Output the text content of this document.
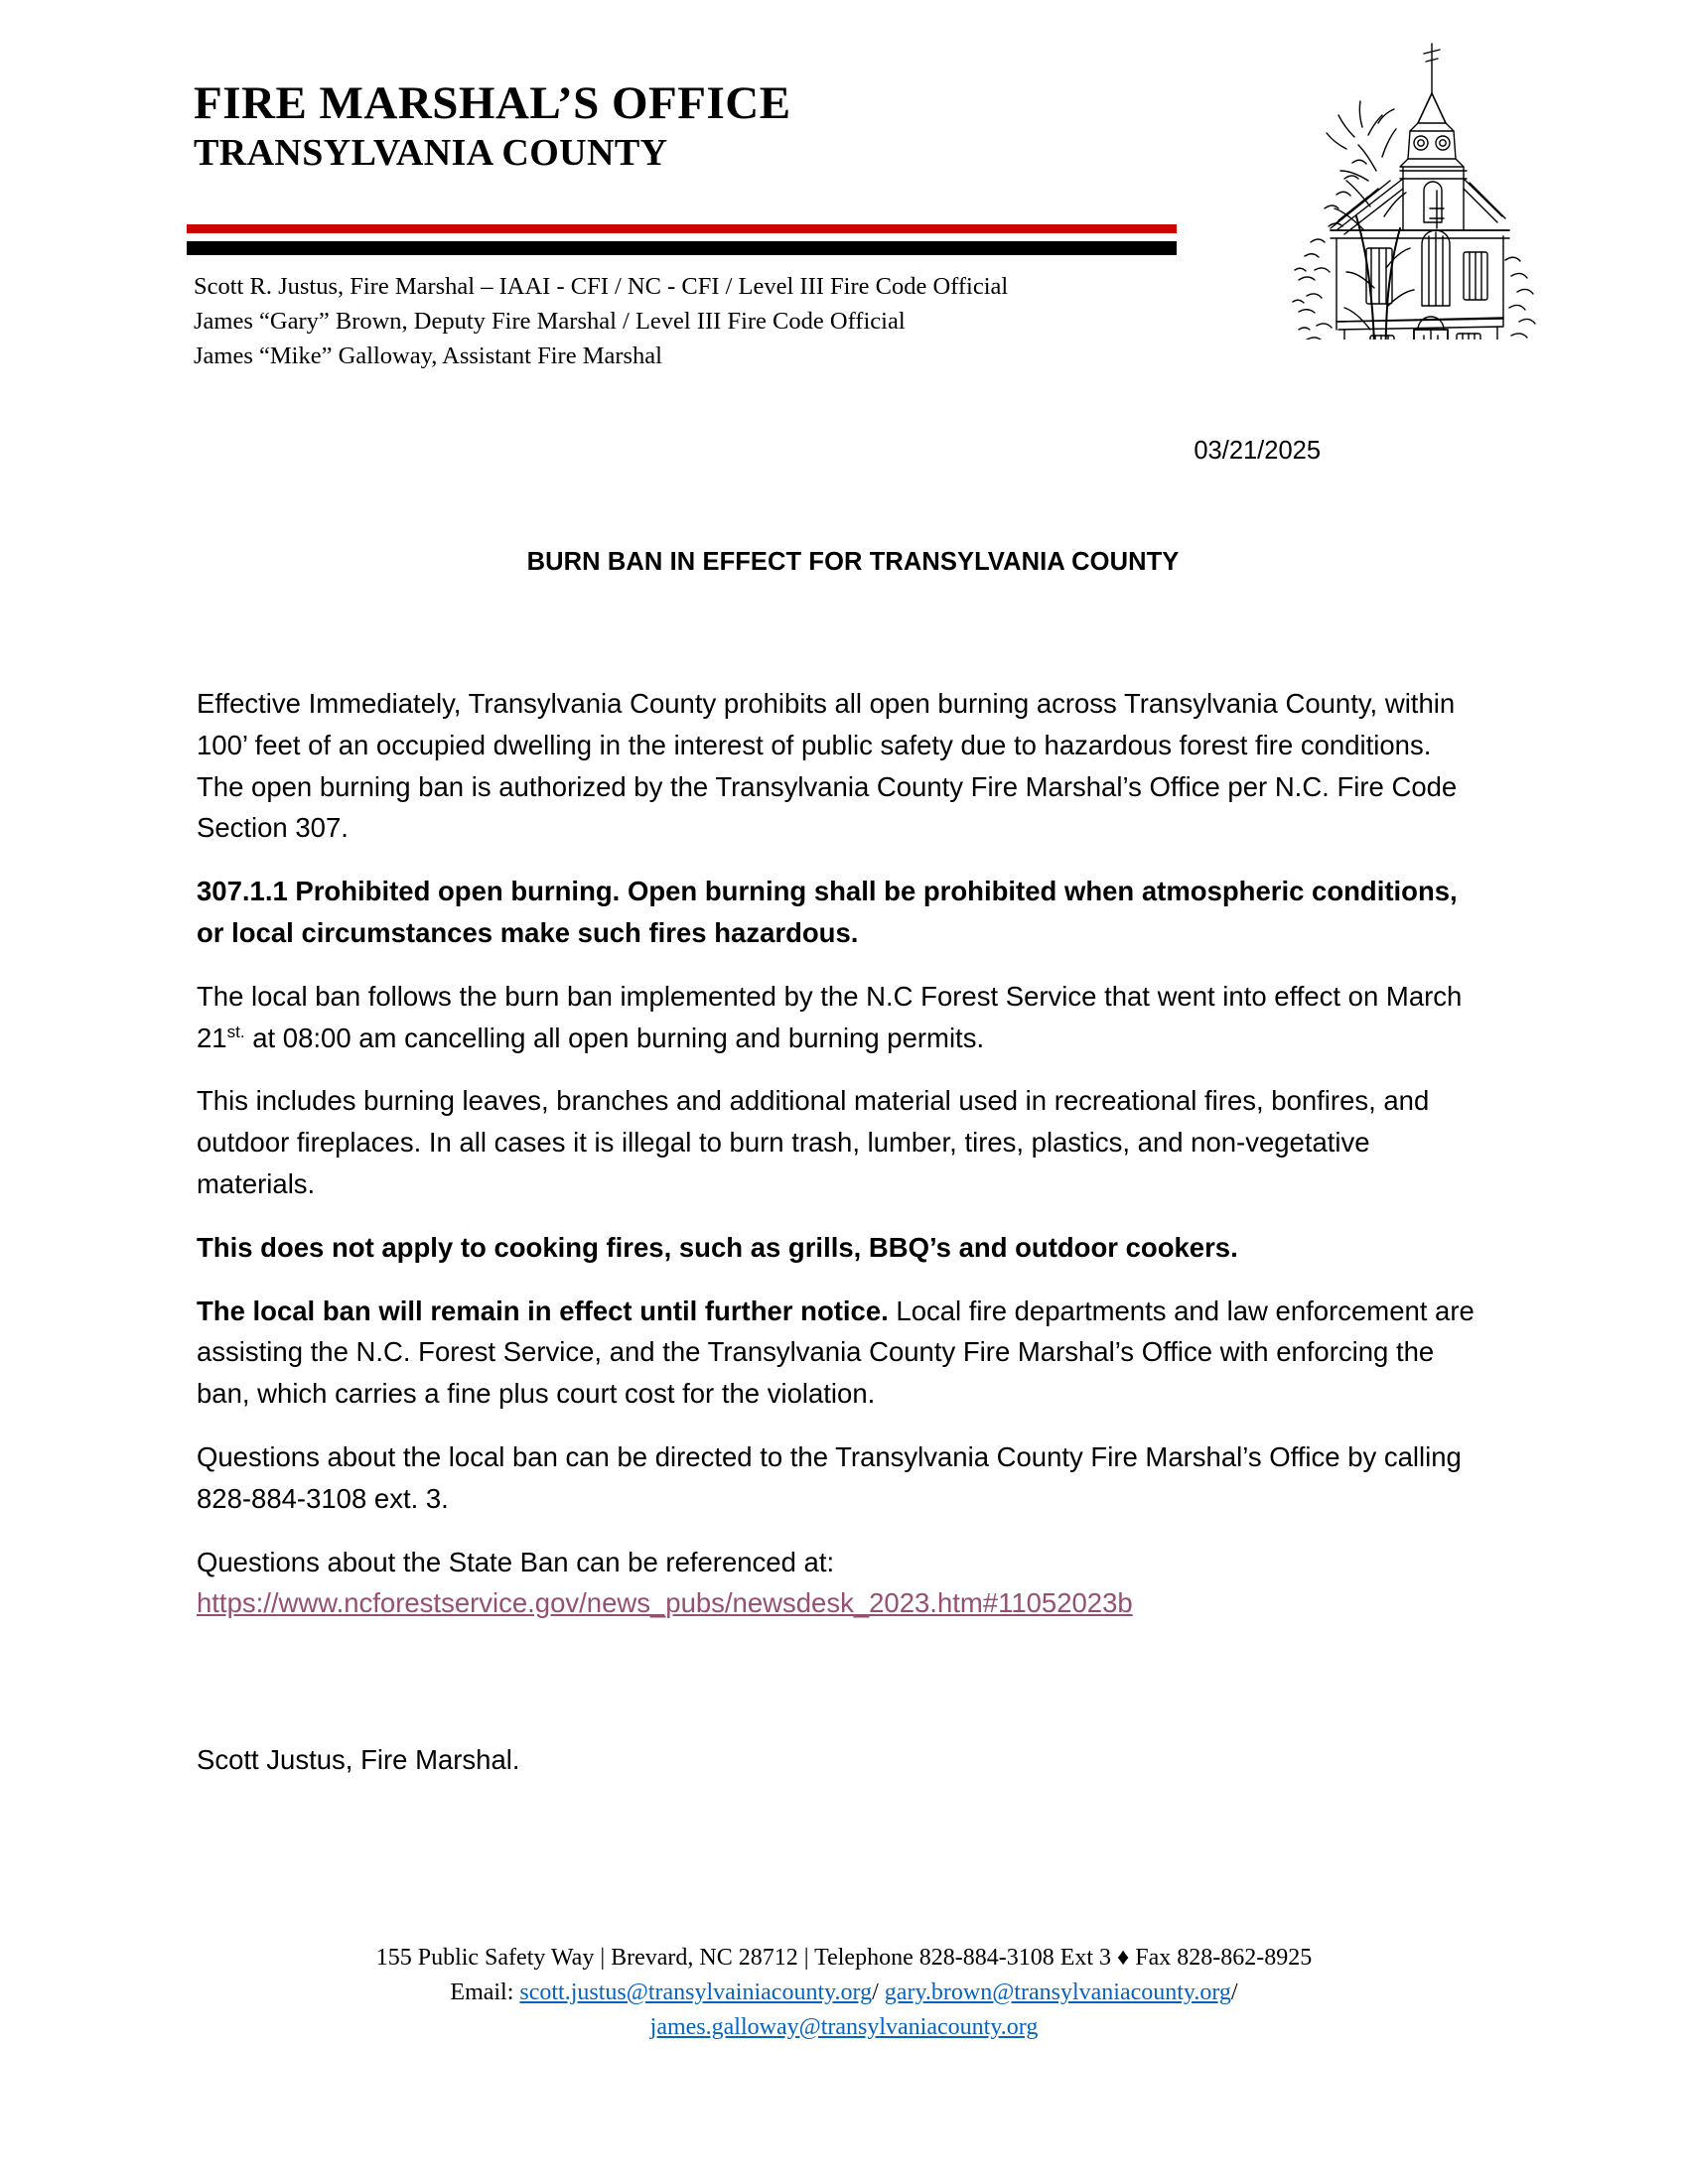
FIRE MARSHAL’S OFFICE
TRANSYLVANIA COUNTY
Scott R. Justus, Fire Marshal – IAAI - CFI / NC - CFI / Level III Fire Code Official
James “Gary” Brown, Deputy Fire Marshal / Level III Fire Code Official
James “Mike” Galloway, Assistant Fire Marshal
03/21/2025
BURN BAN IN EFFECT FOR TRANSYLVANIA COUNTY

Effective Immediately, Transylvania County prohibits all open burning across Transylvania County, within 100’ feet of an occupied dwelling in the interest of public safety due to hazardous forest fire conditions. The open burning ban is authorized by the Transylvania County Fire Marshal’s Office per N.C. Fire Code Section 307.

307.1.1 Prohibited open burning. Open burning shall be prohibited when atmospheric conditions, or local circumstances make such fires hazardous.

The local ban follows the burn ban implemented by the N.C Forest Service that went into effect on March $21^{st.}$ at 08:00 am cancelling all open burning and burning permits.

This includes burning leaves, branches and additional material used in recreational fires, bonfires, and outdoor fireplaces. In all cases it is illegal to burn trash, lumber, tires, plastics, and non-vegetative materials.

This does not apply to cooking fires, such as grills, BBQ’s and outdoor cookers.

The local ban will remain in effect until further notice. Local fire departments and law enforcement are assisting the N.C. Forest Service, and the Transylvania County Fire Marshal’s Office with enforcing the ban, which carries a fine plus court cost for the violation.

Questions about the local ban can be directed to the Transylvania County Fire Marshal’s Office by calling 828-884-3108 ext. 3.

Questions about the State Ban can be referenced at:

https://www.ncforestservice.gov/news_pubs/newsdesk_2023.htm#11052023b

Scott Justus, Fire Marshal.
155 Public Safety Way | Brevard, NC 28712 | Telephone 828-884-3108 Ext 3 ♦ Fax 828-862-8925
Email: scott.justus@transylvainiacounty.org/ gary.brown@transylvaniacounty.org/
james.galloway@transylvaniacounty.org
